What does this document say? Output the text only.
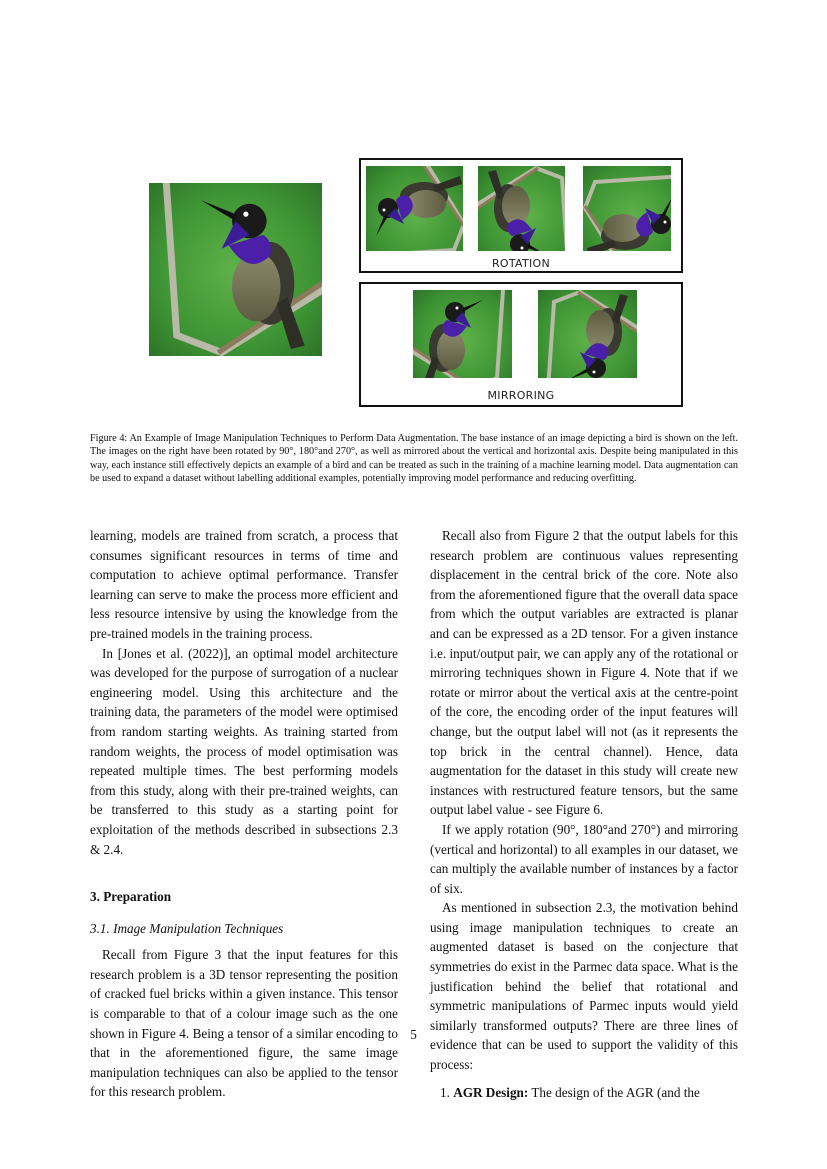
ROTATION
MIRRORING
Figure 4: An Example of Image Manipulation Techniques to Perform Data Augmentation. The base instance of an image depicting a bird is shown on the left. The images on the right have been rotated by 90°, 180°and 270°, as well as mirrored about the vertical and horizontal axis. Despite being manipulated in this way, each instance still effectively depicts an example of a bird and can be treated as such in the training of a machine learning model. Data augmentation can be used to expand a dataset without labelling additional examples, potentially improving model performance and reducing overfitting.

learning, models are trained from scratch, a process that consumes significant resources in terms of time and computation to achieve optimal performance. Transfer learning can serve to make the process more efficient and less resource intensive by using the knowledge from the pre-trained models in the training process.

In [Jones et al. (2022)], an optimal model architecture was developed for the purpose of surrogation of a nuclear engineering model. Using this architecture and the training data, the parameters of the model were optimised from random starting weights. As training started from random weights, the process of model optimisation was repeated multiple times. The best performing models from this study, along with their pre-trained weights, can be transferred to this study as a starting point for exploitation of the methods described in subsections 2.3 & 2.4.

3. Preparation

3.1. Image Manipulation Techniques

Recall from Figure 3 that the input features for this research problem is a 3D tensor representing the position of cracked fuel bricks within a given instance. This tensor is comparable to that of a colour image such as the one shown in Figure 4. Being a tensor of a similar encoding to that in the aforementioned figure, the same image manipulation techniques can also be applied to the tensor for this research problem.

Recall also from Figure 2 that the output labels for this research problem are continuous values representing displacement in the central brick of the core. Note also from the aforementioned figure that the overall data space from which the output variables are extracted is planar and can be expressed as a 2D tensor. For a given instance i.e. input/output pair, we can apply any of the rotational or mirroring techniques shown in Figure 4. Note that if we rotate or mirror about the vertical axis at the centre-point of the core, the encoding order of the input features will change, but the output label will not (as it represents the top brick in the central channel). Hence, data augmentation for the dataset in this study will create new instances with restructured feature tensors, but the same output label value - see Figure 6.

If we apply rotation (90°, 180°and 270°) and mirroring (vertical and horizontal) to all examples in our dataset, we can multiply the available number of instances by a factor of six.

As mentioned in subsection 2.3, the motivation behind using image manipulation techniques to create an augmented dataset is based on the conjecture that symmetries do exist in the Parmec data space. What is the justification behind the belief that rotational and symmetric manipulations of Parmec inputs would yield similarly transformed outputs? There are three lines of evidence that can be used to support the validity of this process:

1. AGR Design: The design of the AGR (and the

5
